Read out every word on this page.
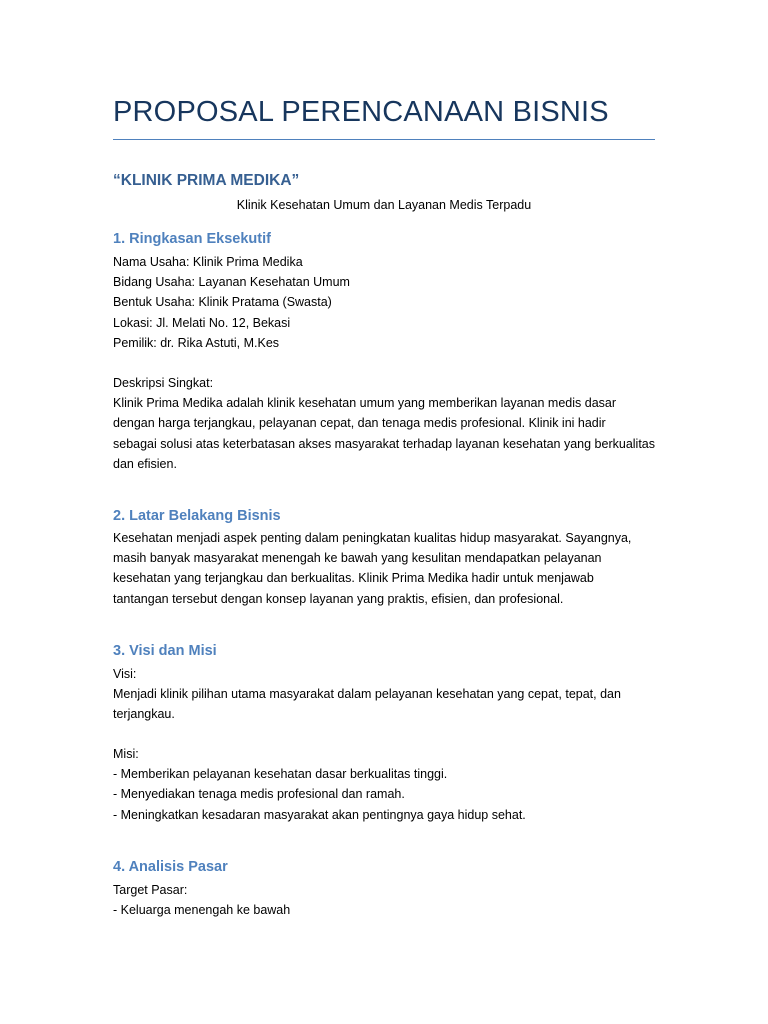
PROPOSAL PERENCANAAN BISNIS
“KLINIK PRIMA MEDIKA”
Klinik Kesehatan Umum dan Layanan Medis Terpadu
1. Ringkasan Eksekutif
Nama Usaha: Klinik Prima Medika
Bidang Usaha: Layanan Kesehatan Umum
Bentuk Usaha: Klinik Pratama (Swasta)
Lokasi: Jl. Melati No. 12, Bekasi
Pemilik: dr. Rika Astuti, M.Kes
Deskripsi Singkat:
Klinik Prima Medika adalah klinik kesehatan umum yang memberikan layanan medis dasar
dengan harga terjangkau, pelayanan cepat, dan tenaga medis profesional. Klinik ini hadir
sebagai solusi atas keterbatasan akses masyarakat terhadap layanan kesehatan yang berkualitas
dan efisien.
2. Latar Belakang Bisnis
Kesehatan menjadi aspek penting dalam peningkatan kualitas hidup masyarakat. Sayangnya,
masih banyak masyarakat menengah ke bawah yang kesulitan mendapatkan pelayanan
kesehatan yang terjangkau dan berkualitas. Klinik Prima Medika hadir untuk menjawab
tantangan tersebut dengan konsep layanan yang praktis, efisien, dan profesional.
3. Visi dan Misi
Visi:
Menjadi klinik pilihan utama masyarakat dalam pelayanan kesehatan yang cepat, tepat, dan
terjangkau.
Misi:
- Memberikan pelayanan kesehatan dasar berkualitas tinggi.
- Menyediakan tenaga medis profesional dan ramah.
- Meningkatkan kesadaran masyarakat akan pentingnya gaya hidup sehat.
4. Analisis Pasar
Target Pasar:
- Keluarga menengah ke bawah
